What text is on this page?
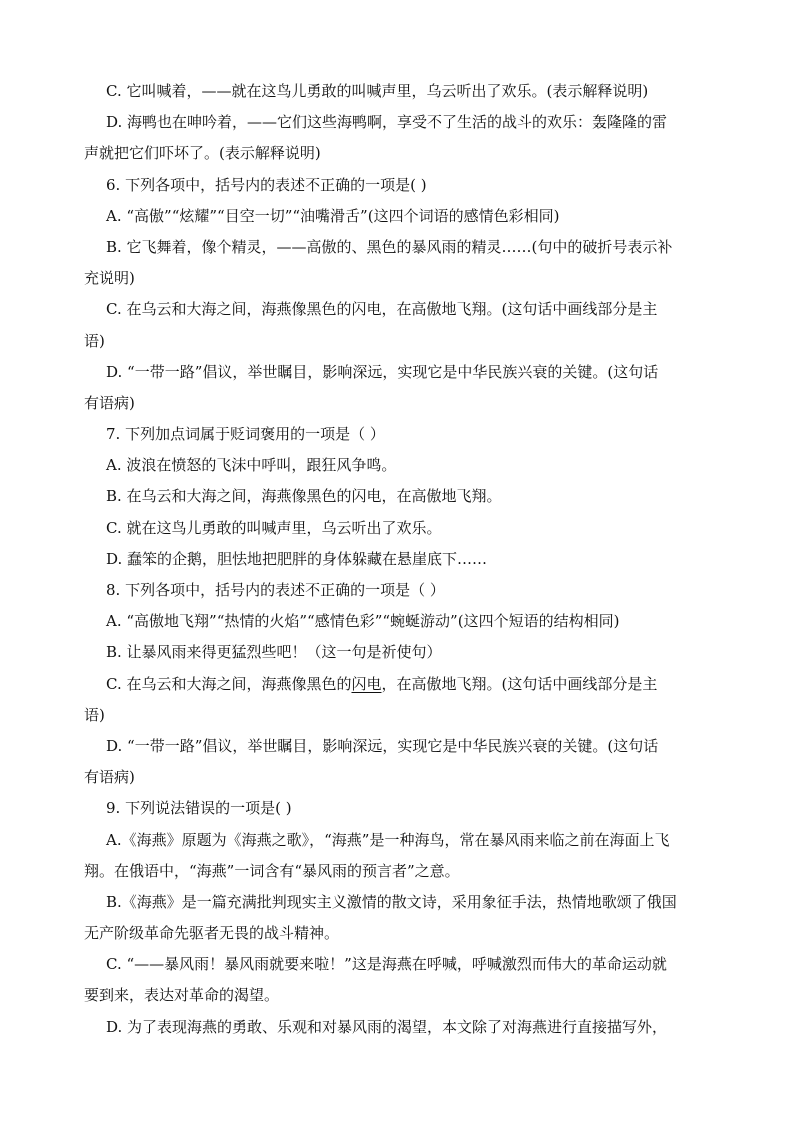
C. 它叫喊着，——就在这鸟儿勇敢的叫喊声里，乌云听出了欢乐。(表示解释说明)
D. 海鸭也在呻吟着，——它们这些海鸭啊，享受不了生活的战斗的欢乐：轰隆隆的雷
声就把它们吓坏了。(表示解释说明)
6. 下列各项中，括号内的表述不正确的一项是( )
A. “高傲”“炫耀”“目空一切”“油嘴滑舌”(这四个词语的感情色彩相同)
B. 它飞舞着，像个精灵，——高傲的、黑色的暴风雨的精灵……(句中的破折号表示补
充说明)
C. 在乌云和大海之间，海燕像黑色的闪电，在高傲地飞翔。(这句话中画线部分是主
语)
D. “一带一路”倡议，举世瞩目，影响深远，实现它是中华民族兴衰的关键。(这句话
有语病)
7. 下列加点词属于贬词褒用的一项是（ ）
A. 波浪在愤怒的飞沫中呼叫，跟狂风争鸣。
B. 在乌云和大海之间，海燕像黑色的闪电，在高傲地飞翔。
C. 就在这鸟儿勇敢的叫喊声里，乌云听出了欢乐。
D. 蠢笨的企鹅，胆怯地把肥胖的身体躲藏在悬崖底下……
8. 下列各项中，括号内的表述不正确的一项是（ ）
A. “高傲地飞翔”“热情的火焰”“感情色彩”“蜿蜒游动”(这四个短语的结构相同)
B. 让暴风雨来得更猛烈些吧！（这一句是祈使句）
C. 在乌云和大海之间，海燕像黑色的闪电，在高傲地飞翔。(这句话中画线部分是主
语)
D. “一带一路”倡议，举世瞩目，影响深远，实现它是中华民族兴衰的关键。(这句话
有语病)
9. 下列说法错误的一项是( )
A.《海燕》原题为《海燕之歌》，“海燕”是一种海鸟，常在暴风雨来临之前在海面上飞
翔。在俄语中，“海燕”一词含有“暴风雨的预言者”之意。
B.《海燕》是一篇充满批判现实主义激情的散文诗，采用象征手法，热情地歌颂了俄国
无产阶级革命先驱者无畏的战斗精神。
C. “——暴风雨！暴风雨就要来啦！”这是海燕在呼喊，呼喊激烈而伟大的革命运动就
要到来，表达对革命的渴望。
D. 为了表现海燕的勇敢、乐观和对暴风雨的渴望，本文除了对海燕进行直接描写外，
